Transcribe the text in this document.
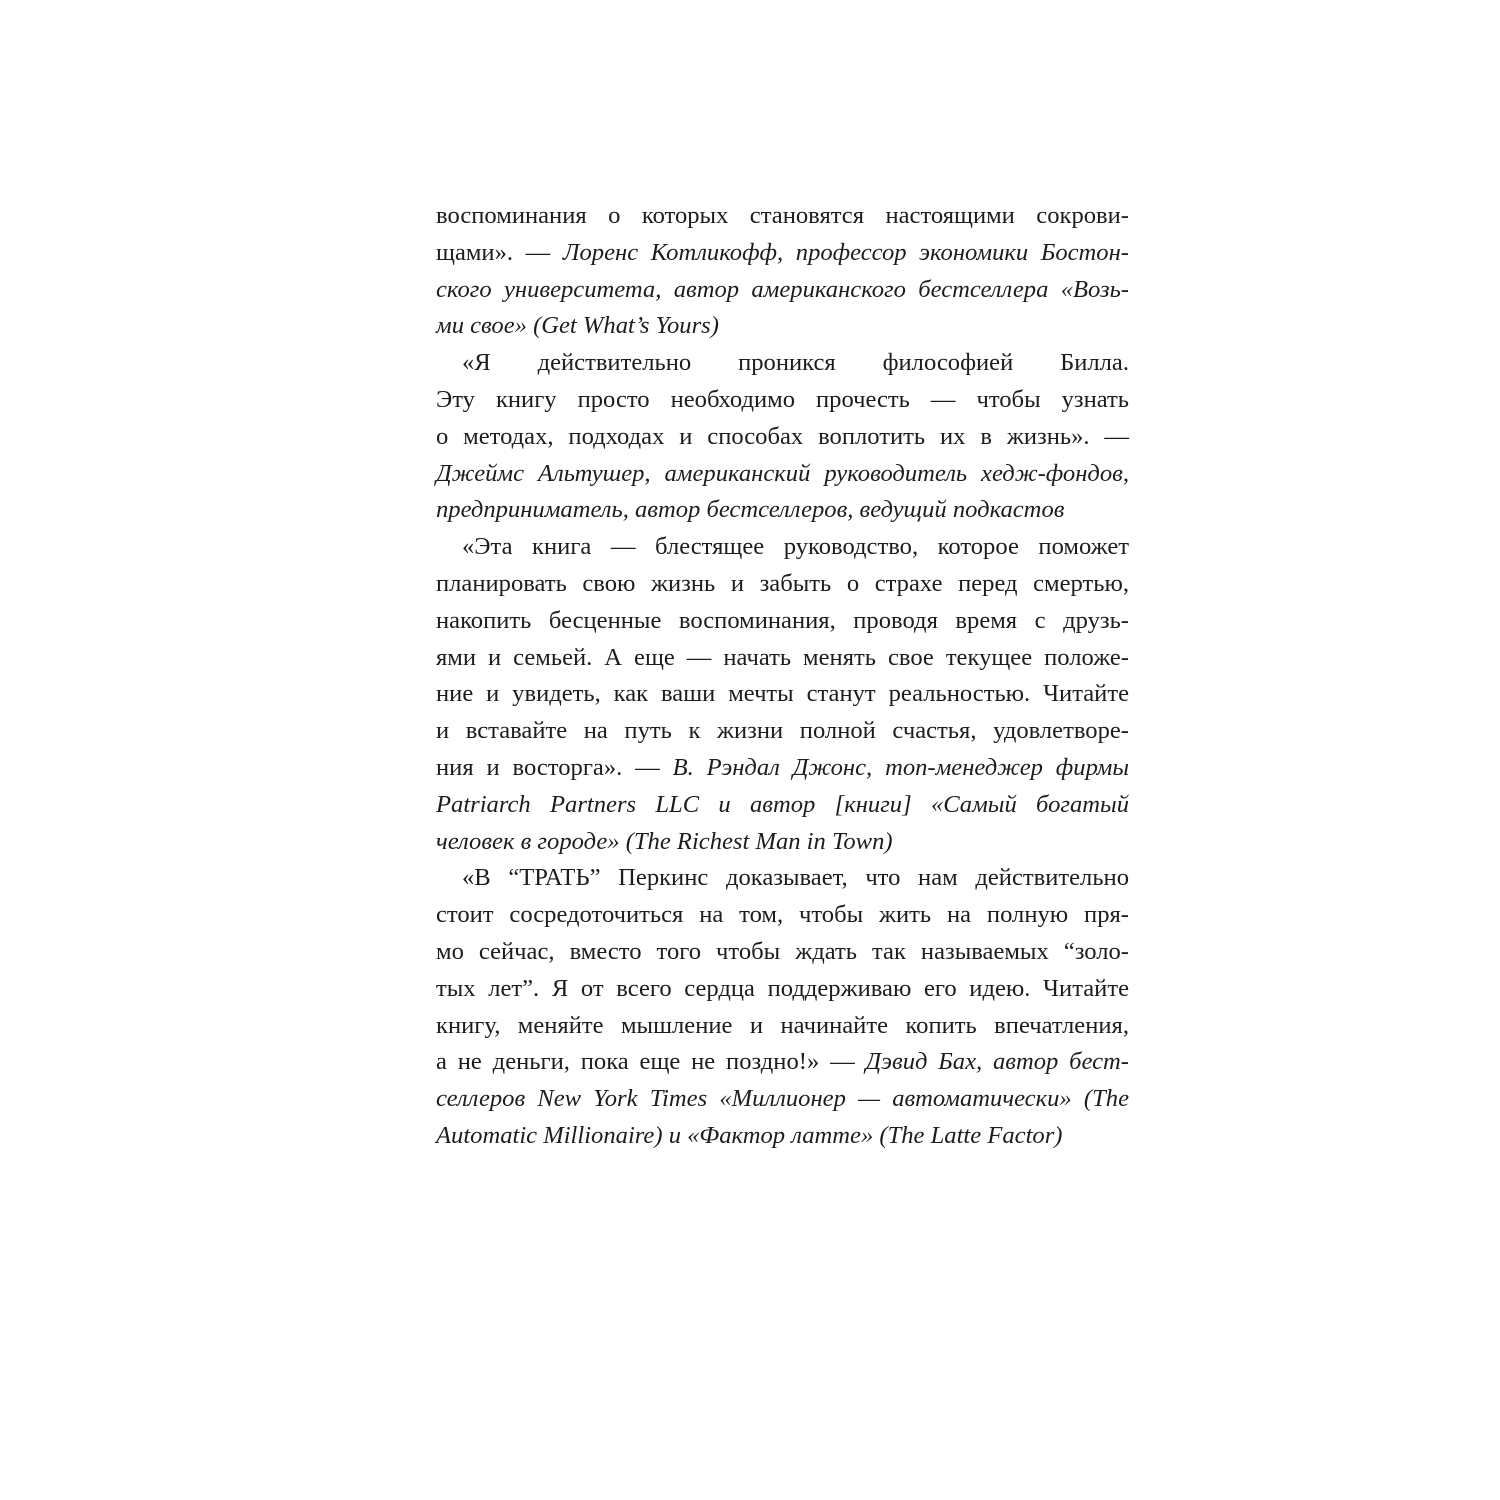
воспоминания о которых становятся настоящими сокрови-
щами». — Лоренс Котликофф, профессор экономики Бостон-
ского университета, автор американского бестселлера «Возь-
ми свое» (Get What’s Yours)
«Я действительно проникся философией Билла.
Эту книгу просто необходимо прочесть — чтобы узнать
о методах, подходах и способах воплотить их в жизнь». —
Джеймс Альтушер, американский руководитель хедж-фондов,
предприниматель, автор бестселлеров, ведущий подкастов
«Эта книга — блестящее руководство, которое поможет
планировать свою жизнь и забыть о страхе перед смертью,
накопить бесценные воспоминания, проводя время с друзь-
ями и семьей. А еще — начать менять свое текущее положе-
ние и увидеть, как ваши мечты станут реальностью. Читайте
и вставайте на путь к жизни полной счастья, удовлетворе-
ния и восторга». — В. Рэндал Джонс, топ-менеджер фирмы
Patriarch Partners LLC и автор [книги] «Самый богатый
человек в городе» (The Richest Man in Town)
«В “ТРАТЬ” Перкинс доказывает, что нам действительно
стоит сосредоточиться на том, чтобы жить на полную пря-
мо сейчас, вместо того чтобы ждать так называемых “золо-
тых лет”. Я от всего сердца поддерживаю его идею. Читайте
книгу, меняйте мышление и начинайте копить впечатления,
а не деньги, пока еще не поздно!» — Дэвид Бах, автор бест-
селлеров New York Times «Миллионер — автоматически» (The
Automatic Millionaire) и «Фактор латте» (The Latte Factor)
